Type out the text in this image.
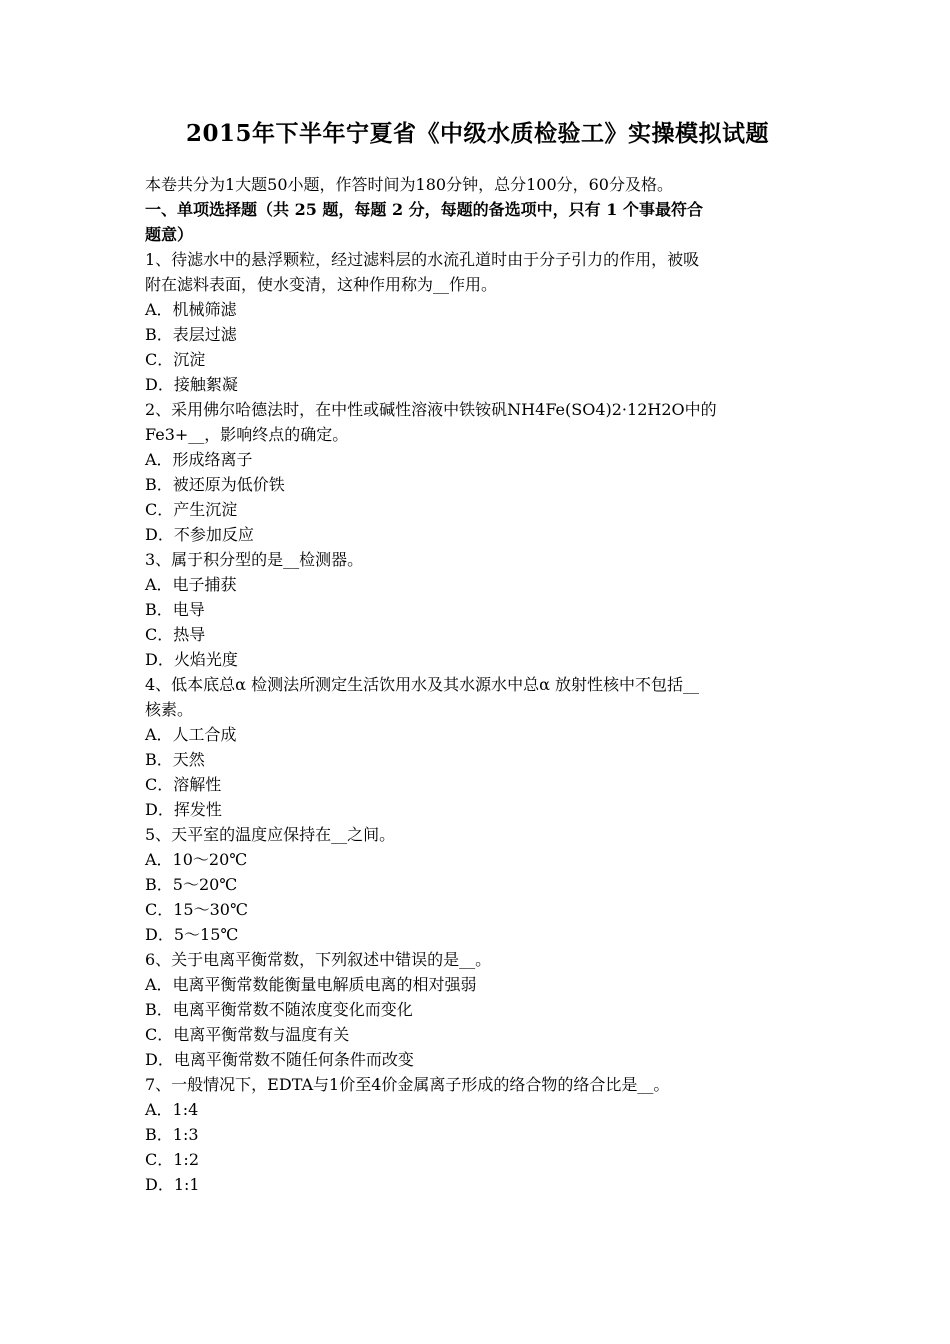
2015年下半年宁夏省《中级水质检验工》实操模拟试题
本卷共分为1大题50小题，作答时间为180分钟，总分100分，60分及格。
一、单项选择题（共 25 题，每题 2 分，每题的备选项中，只有 1 个事最符合
题意）
1、待滤水中的悬浮颗粒，经过滤料层的水流孔道时由于分子引力的作用，被吸
附在滤料表面，使水变清，这种作用称为__作用。
A．机械筛滤
B．表层过滤
C．沉淀
D．接触絮凝
2、采用佛尔哈德法时，在中性或碱性溶液中铁铵矾NH4Fe(SO4)2·12H2O中的
Fe3+__，影响终点的确定。
A．形成络离子
B．被还原为低价铁
C．产生沉淀
D．不参加反应
3、属于积分型的是__检测器。
A．电子捕获
B．电导
C．热导
D．火焰光度
4、低本底总α 检测法所测定生活饮用水及其水源水中总α 放射性核中不包括__
核素。
A．人工合成
B．天然
C．溶解性
D．挥发性
5、天平室的温度应保持在__之间。
A．10～20℃
B．5～20℃
C．15～30℃
D．5～15℃
6、关于电离平衡常数，下列叙述中错误的是__。
A．电离平衡常数能衡量电解质电离的相对强弱
B．电离平衡常数不随浓度变化而变化
C．电离平衡常数与温度有关
D．电离平衡常数不随任何条件而改变
7、一般情况下，EDTA与1价至4价金属离子形成的络合物的络合比是__。
A．1:4
B．1:3
C．1:2
D．1:1
